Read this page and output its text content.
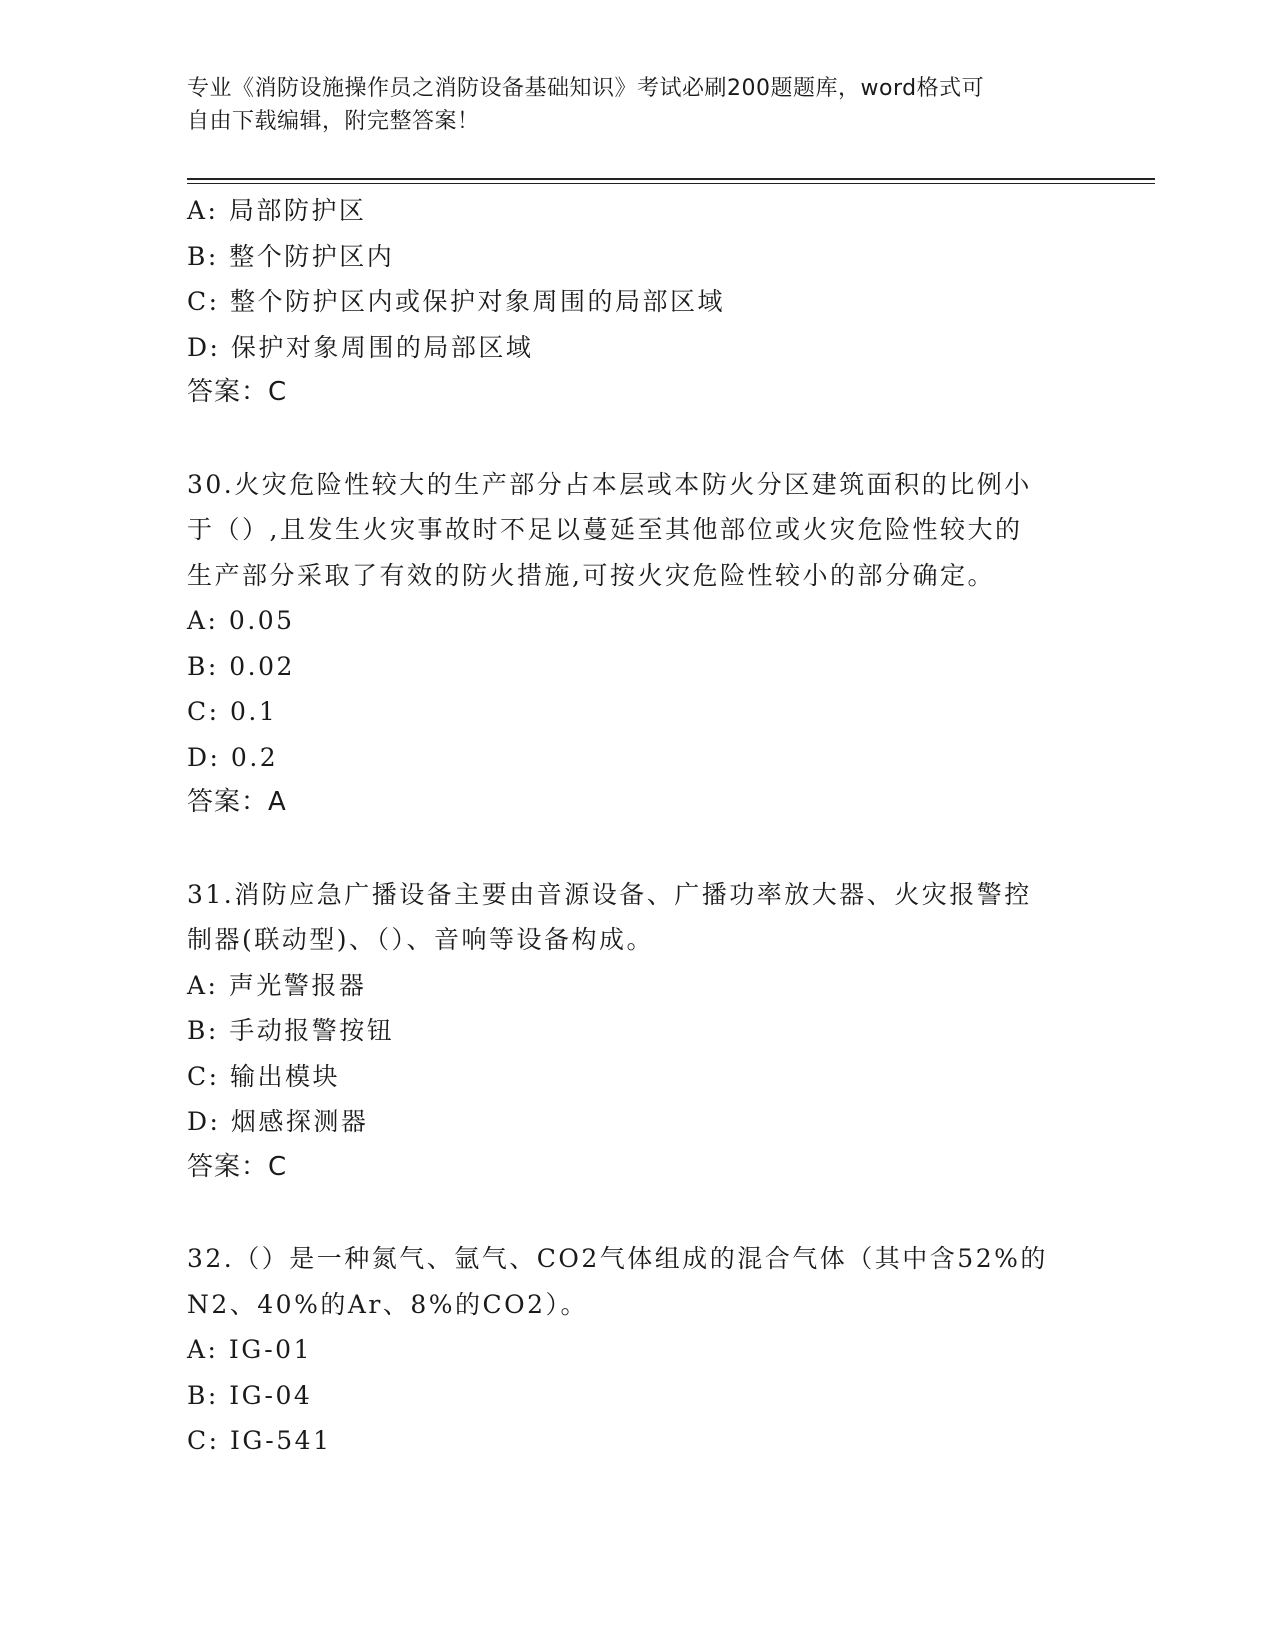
专业《消防设施操作员之消防设备基础知识》考试必刷200题题库，word格式可
自由下载编辑，附完整答案！
A: 局部防护区
B: 整个防护区内
C: 整个防护区内或保护对象周围的局部区域
D: 保护对象周围的局部区域
答案：C
30.火灾危险性较大的生产部分占本层或本防火分区建筑面积的比例小
于（）,且发生火灾事故时不足以蔓延至其他部位或火灾危险性较大的
生产部分采取了有效的防火措施,可按火灾危险性较小的部分确定。
A: 0.05
B: 0.02
C: 0.1
D: 0.2
答案：A
31.消防应急广播设备主要由音源设备、广播功率放大器、火灾报警控
制器(联动型)、（）、音响等设备构成。
A: 声光警报器
B: 手动报警按钮
C: 输出模块
D: 烟感探测器
答案：C
32.（）是一种氮气、氩气、CO2气体组成的混合气体（其中含52%的
N2、40%的Ar、8%的CO2）。
A: IG-01
B: IG-04
C: IG-541
